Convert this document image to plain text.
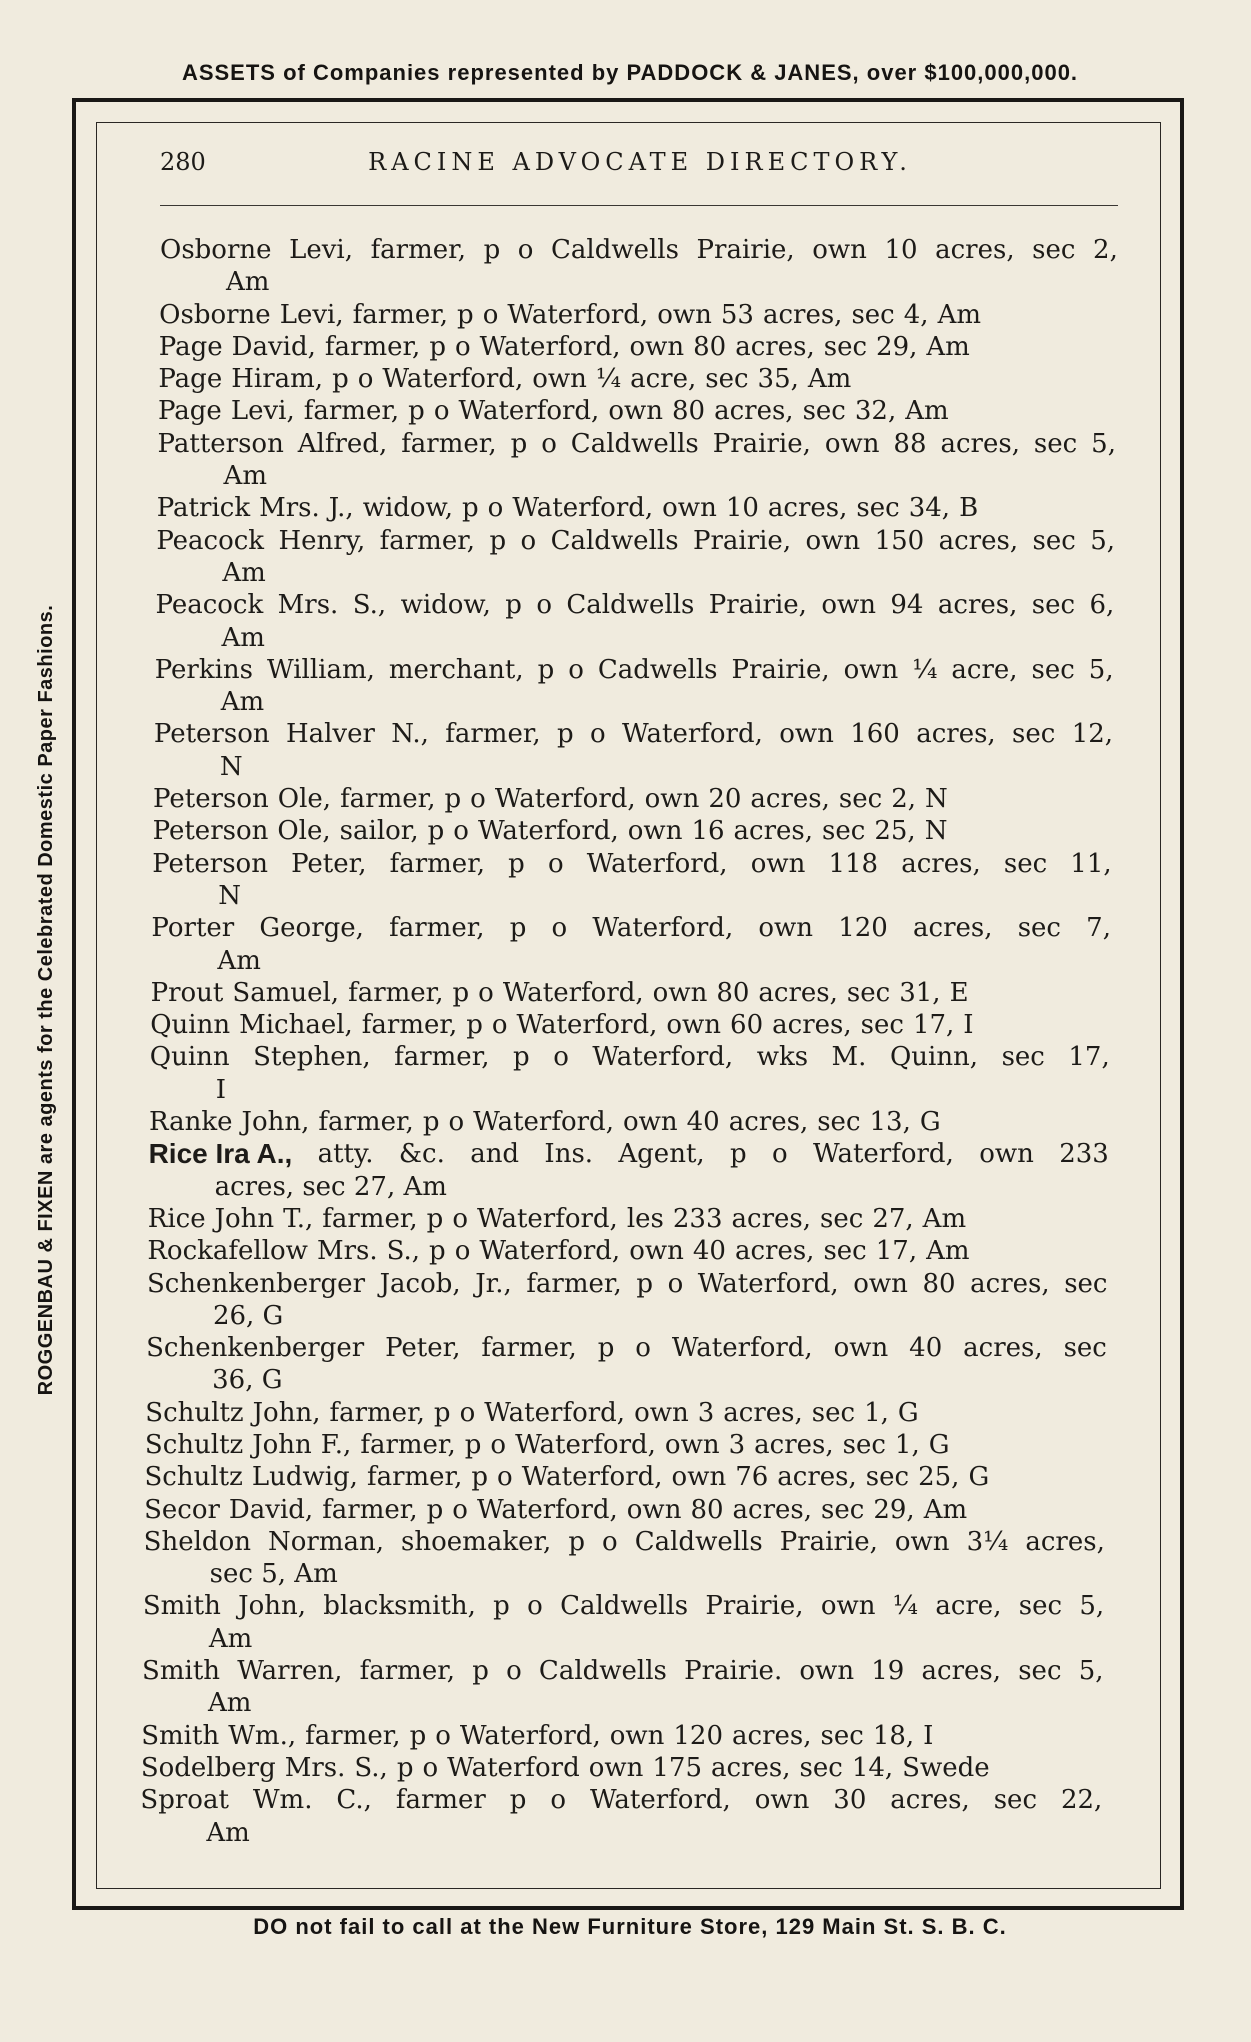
ASSETS of Companies represented by PADDOCK & JANES, over $100,000,000.
ROGGENBAU & FIXEN are agents for the Celebrated Domestic Paper Fashions.
280	RACINE ADVOCATE DIRECTORY.
Osborne Levi, farmer, p o Caldwells Prairie, own 10 acres, sec 2,
Am
Osborne Levi, farmer, p o Waterford, own 53 acres, sec 4, Am
Page David, farmer, p o Waterford, own 80 acres, sec 29, Am
Page Hiram, p o Waterford, own ¼ acre, sec 35, Am
Page Levi, farmer, p o Waterford, own 80 acres, sec 32, Am
Patterson Alfred, farmer, p o Caldwells Prairie, own 88 acres, sec 5,
Am
Patrick Mrs. J., widow, p o Waterford, own 10 acres, sec 34, B
Peacock Henry, farmer, p o Caldwells Prairie, own 150 acres, sec 5,
Am
Peacock Mrs. S., widow, p o Caldwells Prairie, own 94 acres, sec 6,
Am
Perkins William, merchant, p o Cadwells Prairie, own ¼ acre, sec 5,
Am
Peterson Halver N., farmer, p o Waterford, own 160 acres, sec 12,
N
Peterson Ole, farmer, p o Waterford, own 20 acres, sec 2, N
Peterson Ole, sailor, p o Waterford, own 16 acres, sec 25, N
Peterson Peter, farmer, p o Waterford, own 118 acres, sec 11,
N
Porter George, farmer, p o Waterford, own 120 acres, sec 7,
Am
Prout Samuel, farmer, p o Waterford, own 80 acres, sec 31, E
Quinn Michael, farmer, p o Waterford, own 60 acres, sec 17, I
Quinn Stephen, farmer, p o Waterford, wks M. Quinn, sec 17,
I
Ranke John, farmer, p o Waterford, own 40 acres, sec 13, G
Rice Ira A., atty. &c. and Ins. Agent, p o Waterford, own 233
acres, sec 27, Am
Rice John T., farmer, p o Waterford, les 233 acres, sec 27, Am
Rockafellow Mrs. S., p o Waterford, own 40 acres, sec 17, Am
Schenkenberger Jacob, Jr., farmer, p o Waterford, own 80 acres, sec
26, G
Schenkenberger Peter, farmer, p o Waterford, own 40 acres, sec
36, G
Schultz John, farmer, p o Waterford, own 3 acres, sec 1, G
Schultz John F., farmer, p o Waterford, own 3 acres, sec 1, G
Schultz Ludwig, farmer, p o Waterford, own 76 acres, sec 25, G
Secor David, farmer, p o Waterford, own 80 acres, sec 29, Am
Sheldon Norman, shoemaker, p o Caldwells Prairie, own 3¼ acres,
sec 5, Am
Smith John, blacksmith, p o Caldwells Prairie, own ¼ acre, sec 5,
Am
Smith Warren, farmer, p o Caldwells Prairie. own 19 acres, sec 5,
Am
Smith Wm., farmer, p o Waterford, own 120 acres, sec 18, I
Sodelberg Mrs. S., p o Waterford own 175 acres, sec 14, Swede
Sproat Wm. C., farmer p o Waterford, own 30 acres, sec 22,
Am
DO not fail to call at the New Furniture Store, 129 Main St. S. B. C.
